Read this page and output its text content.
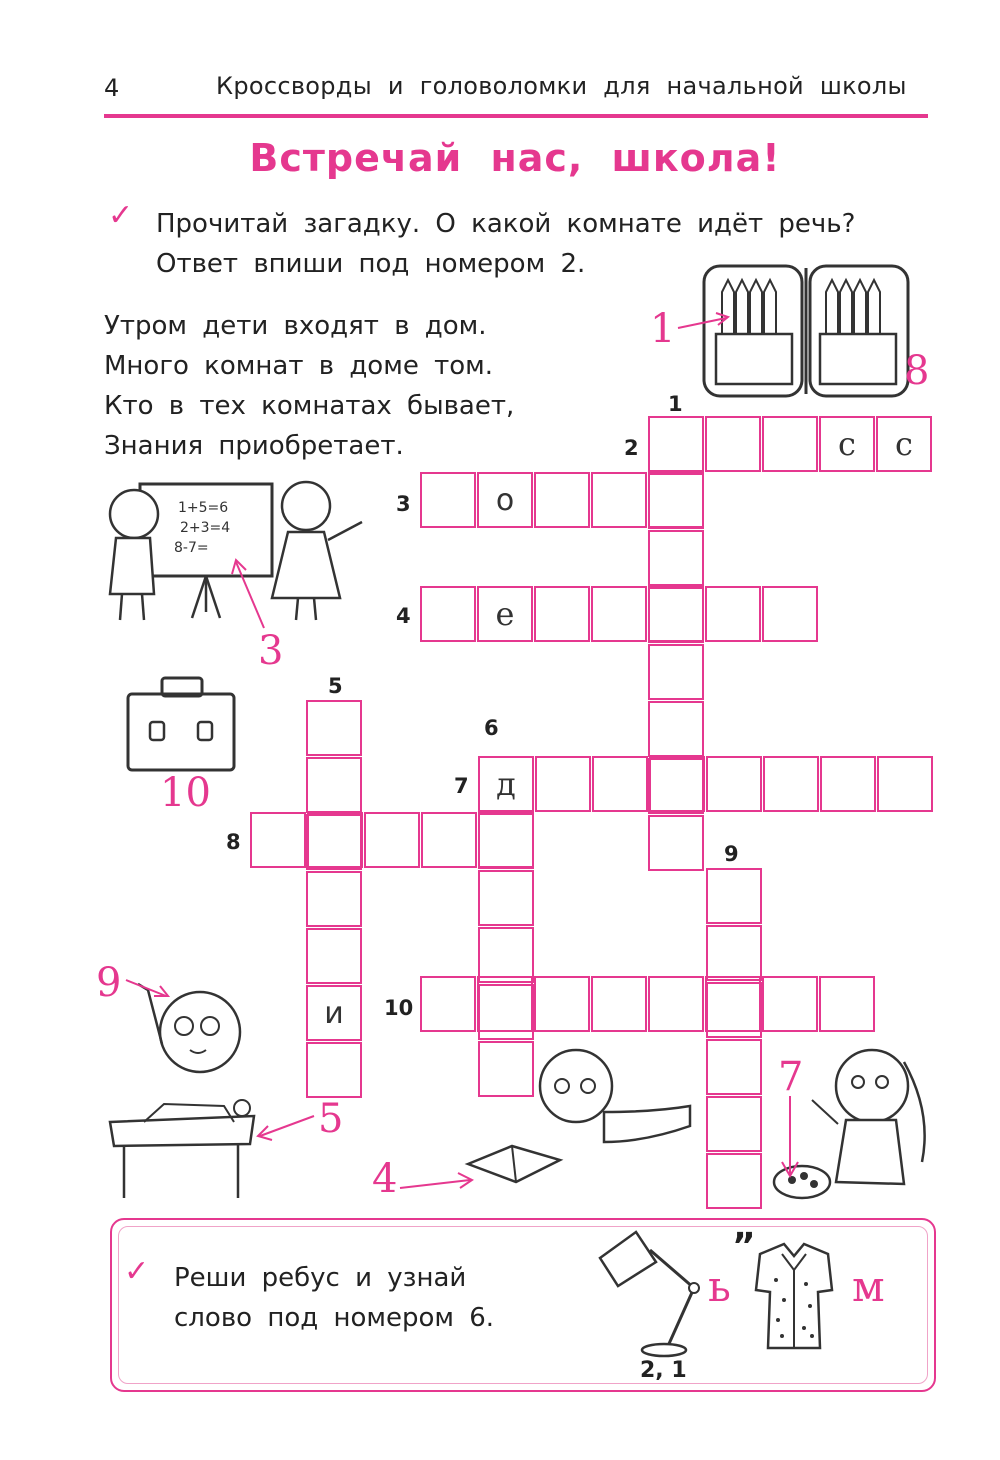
4	Кроссворды и головоломки для начальной школы
Встречай нас, школа!
✓ Прочитай загадку. О какой комнате идёт речь?
Ответ впиши под номером 2.
Утром дети входят в дом.
Много комнат в доме том.
Кто в тех комнатах бывает,
Знания приобретает.
1+5=6
2+3=4
8-7=
1
8
3
10
9
5
4
7
1
2
3
4
5
6
7
8	9
10
с	с
о
е
д
и
✓ Реши ребус и узнай
слово под номером 6.
ь
”
м
2, 1
